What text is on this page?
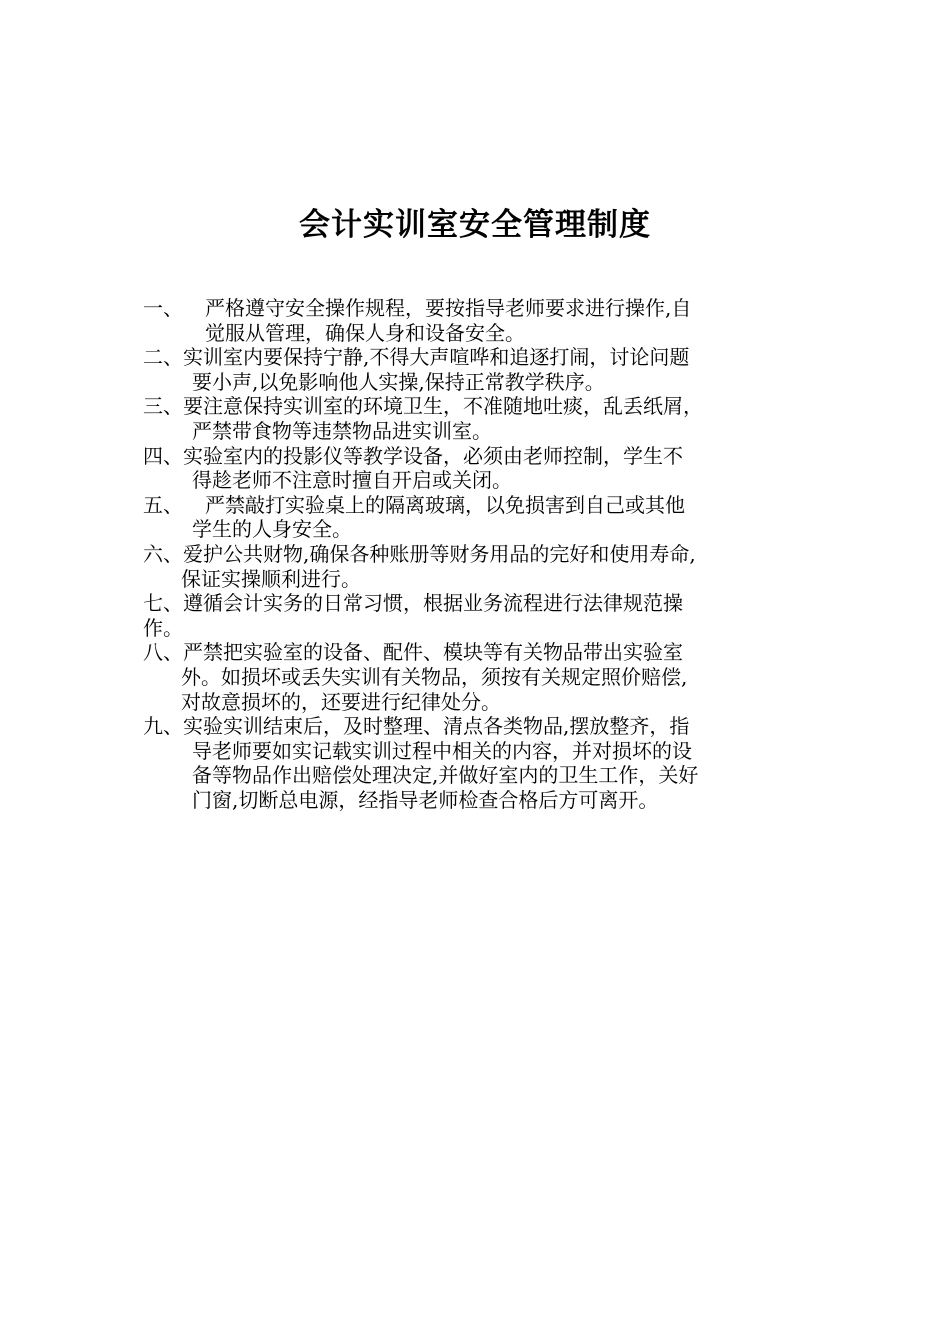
会计实训室安全管理制度
一、 严格遵守安全操作规程，要按指导老师要求进行操作,自
觉服从管理，确保人身和设备安全。
二、实训室内要保持宁静,不得大声喧哗和追逐打闹，讨论问题
要小声,以免影响他人实操,保持正常教学秩序。
三、要注意保持实训室的环境卫生，不准随地吐痰，乱丢纸屑，
严禁带食物等违禁物品进实训室。
四、实验室内的投影仪等教学设备，必须由老师控制，学生不
得趁老师不注意时擅自开启或关闭。
五、 严禁敲打实验桌上的隔离玻璃，以免损害到自己或其他
学生的人身安全。
六、爱护公共财物,确保各种账册等财务用品的完好和使用寿命,
保证实操顺利进行。
七、遵循会计实务的日常习惯，根据业务流程进行法律规范操
作。
八、严禁把实验室的设备、配件、模块等有关物品带出实验室
外。如损坏或丢失实训有关物品，须按有关规定照价赔偿,
对故意损坏的，还要进行纪律处分。
九、实验实训结束后，及时整理、清点各类物品,摆放整齐，指
导老师要如实记载实训过程中相关的内容，并对损坏的设
备等物品作出赔偿处理决定,并做好室内的卫生工作，关好
门窗,切断总电源，经指导老师检查合格后方可离开。
